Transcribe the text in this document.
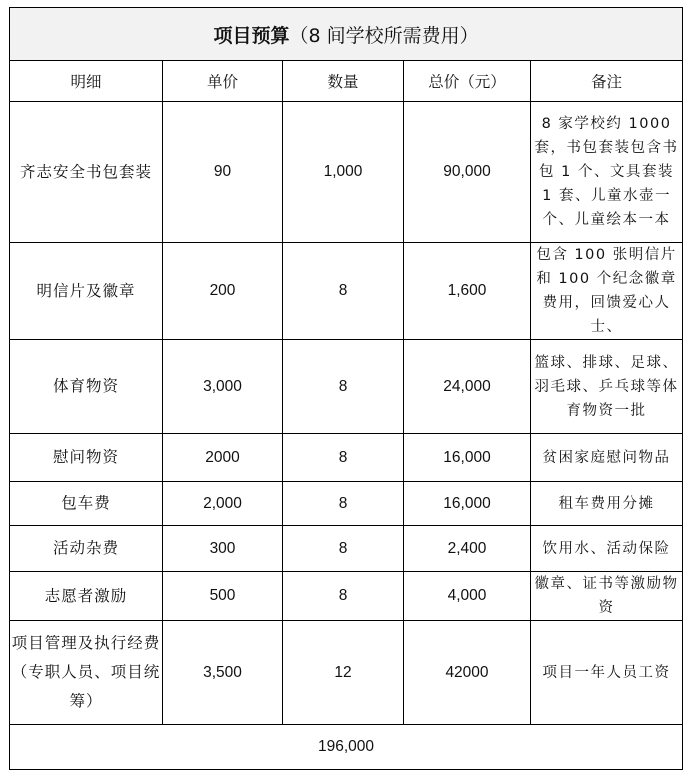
项目预算（8 间学校所需费用）				
明细	单价	数量	总价（元）	备注
齐志安全书包套装	90	1,000	90,000	8 家学校约 1000 套，书包套装包含书包 1 个、文具套装 1 套、儿童水壶一个、儿童绘本一本
明信片及徽章	200	8	1,600	包含 100 张明信片和 100 个纪念徽章费用，回馈爱心人士、
体育物资	3,000	8	24,000	篮球、排球、足球、羽毛球、乒乓球等体育物资一批
慰问物资	2000	8	16,000	贫困家庭慰问物品
包车费	2,000	8	16,000	租车费用分摊
活动杂费	300	8	2,400	饮用水、活动保险
志愿者激励	500	8	4,000	徽章、证书等激励物资
项目管理及执行经费（专职人员、项目统筹）	3,500	12	42000	项目一年人员工资
196,000				
